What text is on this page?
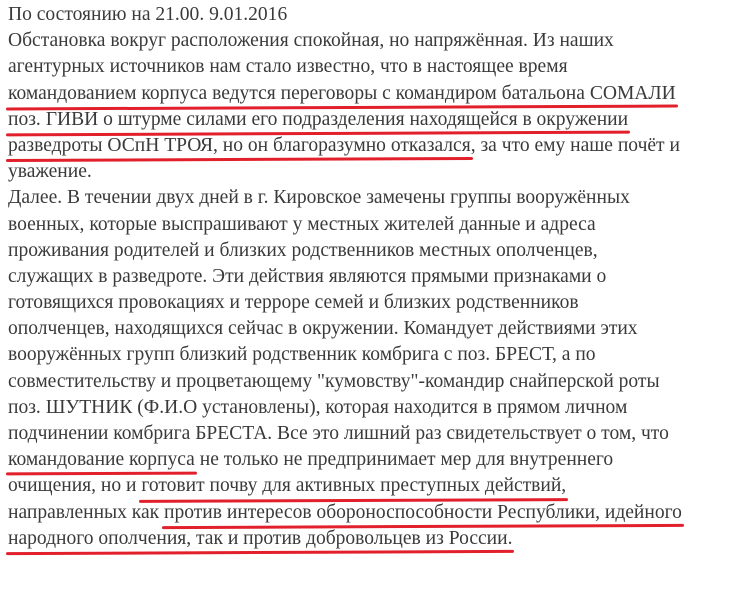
По состоянию на 21.00. 9.01.2016
Обстановка вокруг расположения спокойная, но напряжённая. Из наших
агентурных источников нам стало известно, что в настоящее время
командованием корпуса ведутся переговоры с командиром батальона СОМАЛИ
поз. ГИВИ о штурме силами его подразделения находящейся в окружении
разведроты ОСпН ТРОЯ, но он благоразумно отказался, за что ему наше почёт и
уважение.
Далее. В течении двух дней в г. Кировское замечены группы вооружённых
военных, которые выспрашивают у местных жителей данные и адреса
проживания родителей и близких родственников местных ополченцев,
служащих в разведроте. Эти действия являются прямыми признаками о
готовящихся провокациях и терроре семей и близких родственников
ополченцев, находящихся сейчас в окружении. Командует действиями этих
вооружённых групп близкий родственник комбрига с поз. БРЕСТ, а по
совместительству и процветающему "кумовству"-командир снайперской роты
поз. ШУТНИК (Ф.И.О установлены), которая находится в прямом личном
подчинении комбрига БРЕСТА. Все это лишний раз свидетельствует о том, что
командование корпуса не только не предпринимает мер для внутреннего
очищения, но и готовит почву для активных преступных действий,
направленных как против интересов обороноспособности Республики, идейного
народного ополчения, так и против добровольцев из России.
